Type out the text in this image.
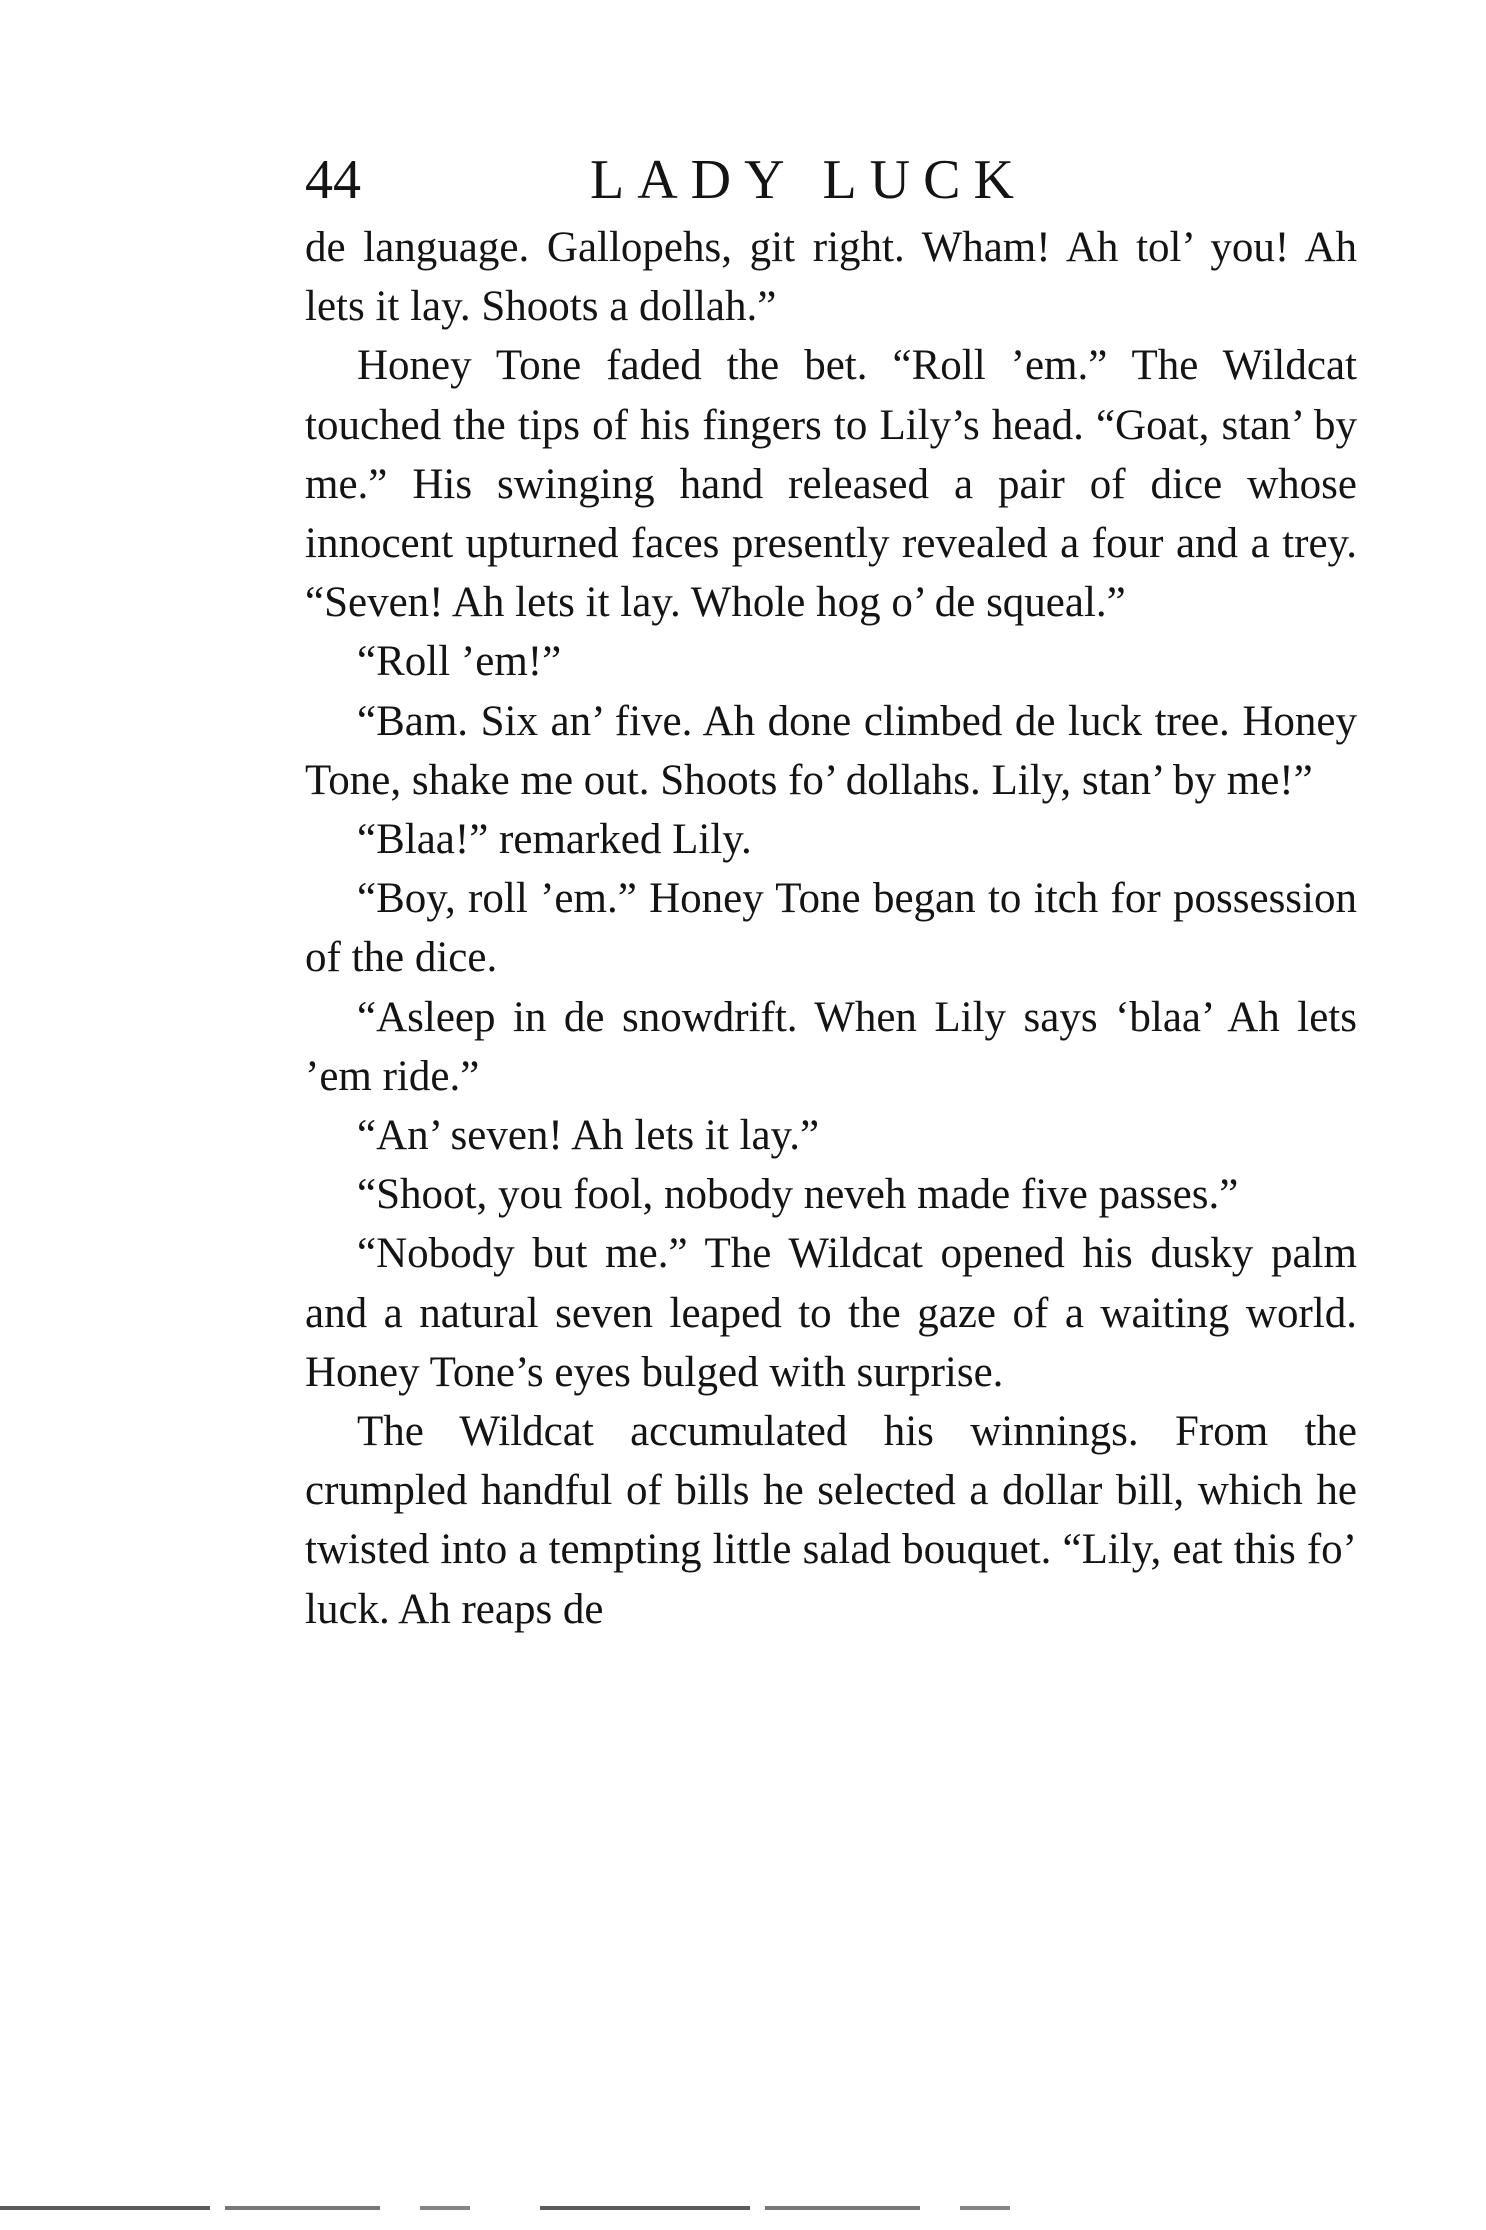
44	LADY LUCK

de language. Gallopehs, git right. Wham! Ah tol’ you! Ah lets it lay. Shoots a dollah.”

Honey Tone faded the bet. “Roll ’em.” The Wildcat touched the tips of his fingers to Lily’s head. “Goat, stan’ by me.” His swinging hand released a pair of dice whose innocent upturned faces presently revealed a four and a trey. “Seven! Ah lets it lay. Whole hog o’ de squeal.”

“Roll ’em!”

“Bam. Six an’ five. Ah done climbed de luck tree. Honey Tone, shake me out. Shoots fo’ dollahs. Lily, stan’ by me!”

“Blaa!” remarked Lily.

“Boy, roll ’em.” Honey Tone began to itch for possession of the dice.

“Asleep in de snowdrift. When Lily says ‘blaa’ Ah lets ’em ride.”

“An’ seven! Ah lets it lay.”

“Shoot, you fool, nobody neveh made five passes.”

“Nobody but me.” The Wildcat opened his dusky palm and a natural seven leaped to the gaze of a waiting world. Honey Tone’s eyes bulged with surprise.

The Wildcat accumulated his winnings. From the crumpled handful of bills he selected a dollar bill, which he twisted into a tempting little salad bouquet. “Lily, eat this fo’ luck. Ah reaps de
